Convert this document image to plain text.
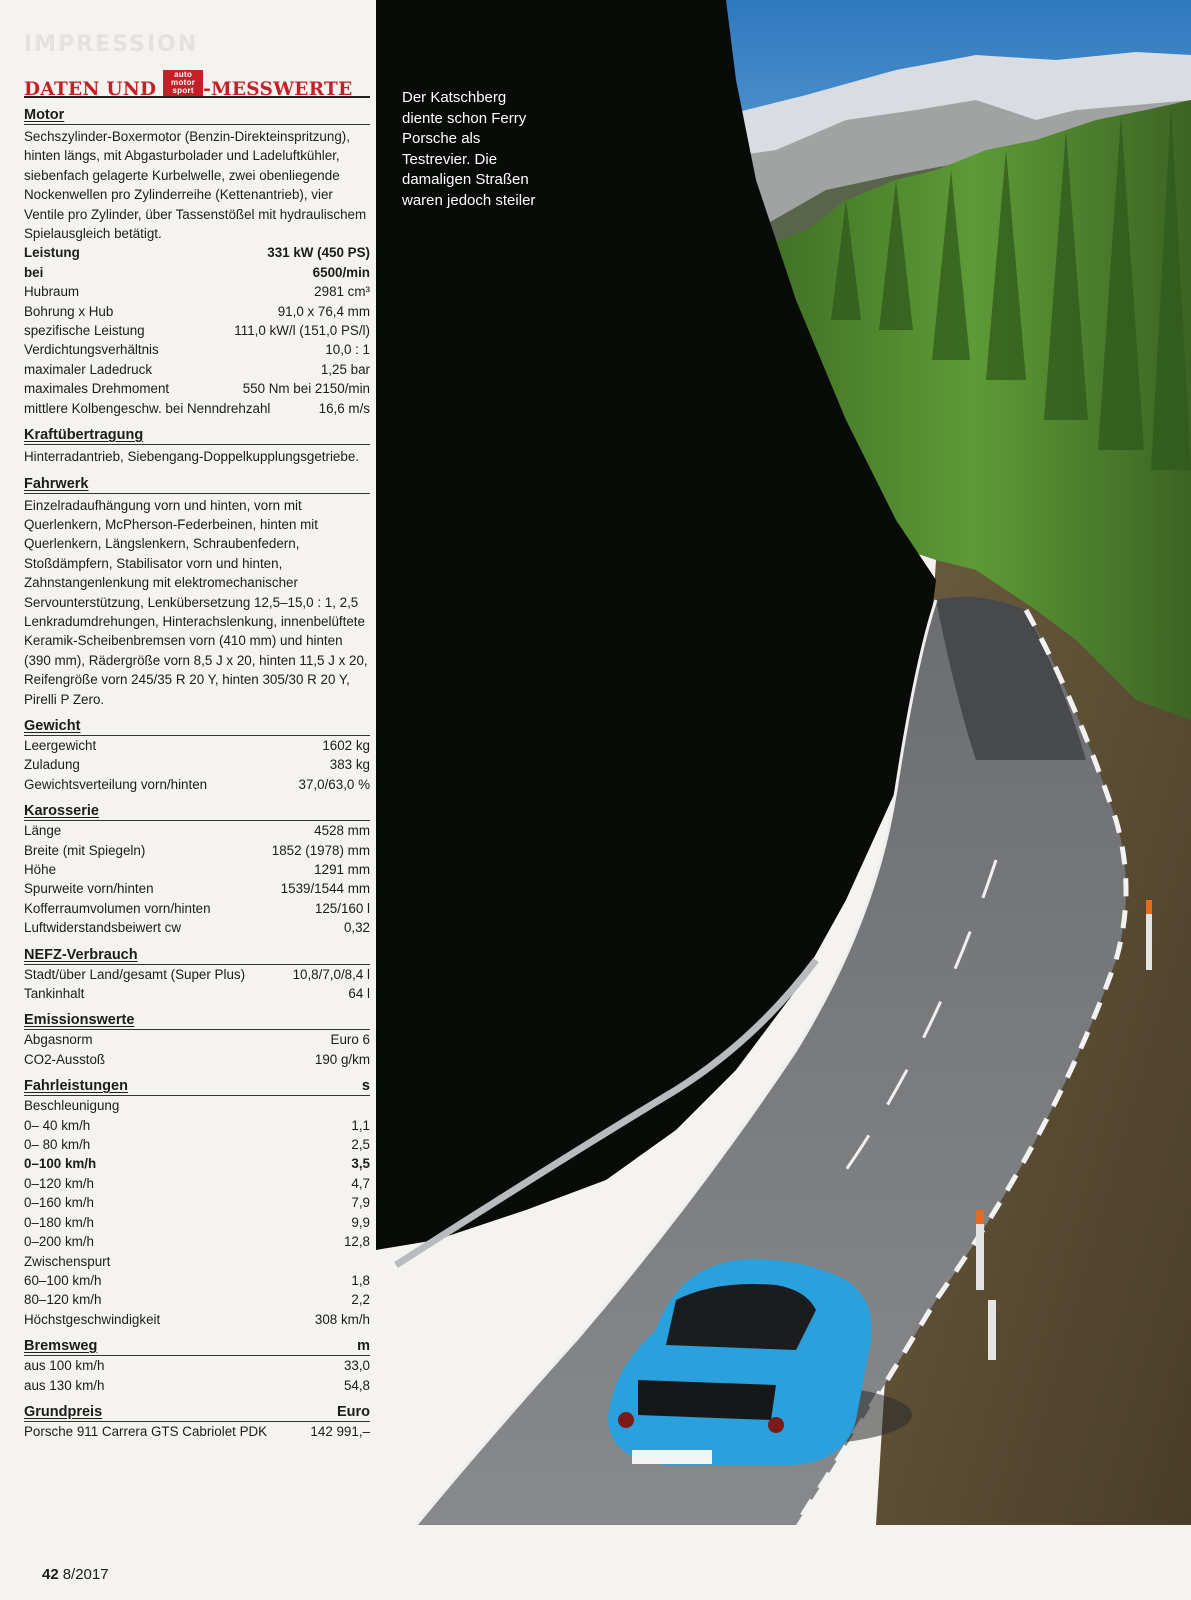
IMPRESSION
DATEN UND auto motor sport -MESSWERTE
Motor
Sechszylinder-Boxermotor (Benzin-Direkteinspritzung), hinten längs, mit Abgasturbolader und Ladeluftkühler, siebenfach gelagerte Kurbelwelle, zwei obenliegende Nockenwellen pro Zylinderreihe (Kettenantrieb), vier Ventile pro Zylinder, über Tassenstößel mit hydraulischem Spielausgleich betätigt.
Leistung	331 kW (450 PS)
bei	6500/min
Hubraum	2981 cm³
Bohrung x Hub	91,0 x 76,4 mm
spezifische Leistung	111,0 kW/l (151,0 PS/l)
Verdichtungsverhältnis	10,0 : 1
maximaler Ladedruck	1,25 bar
maximales Drehmoment	550 Nm bei 2150/min
mittlere Kolbengeschw. bei Nenndrehzahl	16,6 m/s
Kraftübertragung
Hinterradantrieb, Siebengang-Doppelkupplungsgetriebe.
Fahrwerk
Einzelradaufhängung vorn und hinten, vorn mit Querlenkern, McPherson-Federbeinen, hinten mit Querlenkern, Längslenkern, Schraubenfedern, Stoßdämpfern, Stabilisator vorn und hinten, Zahnstangenlenkung mit elektromechanischer Servounterstützung, Lenkübersetzung 12,5–15,0 : 1, 2,5 Lenkradumdrehungen, Hinterachslenkung, innenbelüftete Keramik-Scheibenbremsen vorn (410 mm) und hinten (390 mm), Rädergröße vorn 8,5 J x 20, hinten 11,5 J x 20, Reifengröße vorn 245/35 R 20 Y, hinten 305/30 R 20 Y, Pirelli P Zero.
Gewicht
Leergewicht	1602 kg
Zuladung	383 kg
Gewichtsverteilung vorn/hinten	37,0/63,0 %
Karosserie
Länge	4528 mm
Breite (mit Spiegeln)	1852 (1978) mm
Höhe	1291 mm
Spurweite vorn/hinten	1539/1544 mm
Kofferraumvolumen vorn/hinten	125/160 l
Luftwiderstandsbeiwert cw	0,32
NEFZ-Verbrauch
Stadt/über Land/gesamt (Super Plus)	10,8/7,0/8,4 l
Tankinhalt	64 l
Emissionswerte
Abgasnorm	Euro 6
CO2-Ausstoß	190 g/km
Fahrleistungen	s
Beschleunigung
0– 40 km/h	1,1
0– 80 km/h	2,5
0–100 km/h	3,5
0–120 km/h	4,7
0–160 km/h	7,9
0–180 km/h	9,9
0–200 km/h	12,8
Zwischenspurt
60–100 km/h	1,8
80–120 km/h	2,2
Höchstgeschwindigkeit	308 km/h
Bremsweg	m
aus 100 km/h	33,0
aus 130 km/h	54,8
Grundpreis	Euro
Porsche 911 Carrera GTS Cabriolet PDK	142 991,–
Der Katschberg diente schon Ferry Porsche als Testrevier. Die damaligen Straßen waren jedoch steiler
42 8/2017
